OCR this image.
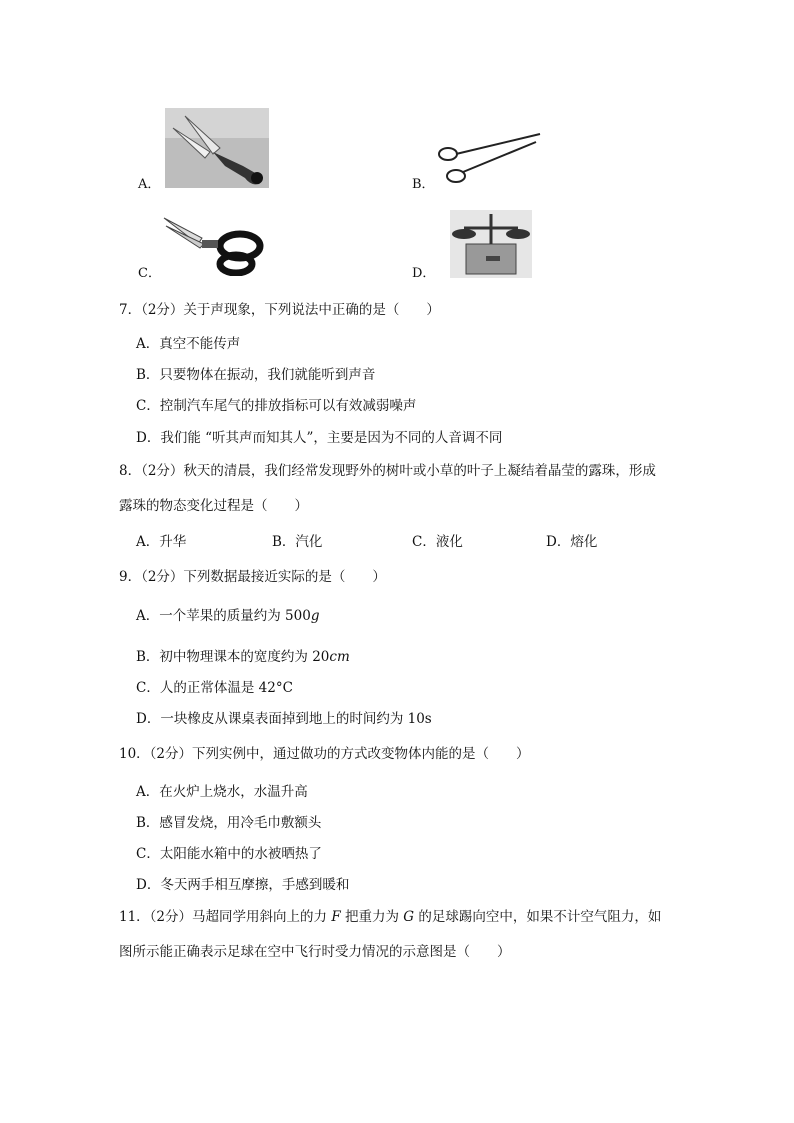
A．	B．
C．	D．
7．（2分）关于声现象，下列说法中正确的是（　　）
A．真空不能传声
B．只要物体在振动，我们就能听到声音
C．控制汽车尾气的排放指标可以有效减弱噪声
D．我们能 “听其声而知其人”，主要是因为不同的人音调不同
8．（2分）秋天的清晨，我们经常发现野外的树叶或小草的叶子上凝结着晶莹的露珠，形成
露珠的物态变化过程是（　　）
A．升华	B．汽化	C．液化	D．熔化
9．（2分）下列数据最接近实际的是（　　）
A．一个苹果的质量约为 500g
B．初中物理课本的宽度约为 20cm
C．人的正常体温是 42°C
D．一块橡皮从课桌表面掉到地上的时间约为 10s
10．（2分）下列实例中，通过做功的方式改变物体内能的是（　　）
A．在火炉上烧水，水温升高
B．感冒发烧，用冷毛巾敷额头
C．太阳能水箱中的水被晒热了
D．冬天两手相互摩擦，手感到暖和
11．（2分）马超同学用斜向上的力 F 把重力为 G 的足球踢向空中，如果不计空气阻力，如
图所示能正确表示足球在空中飞行时受力情况的示意图是（　　）
